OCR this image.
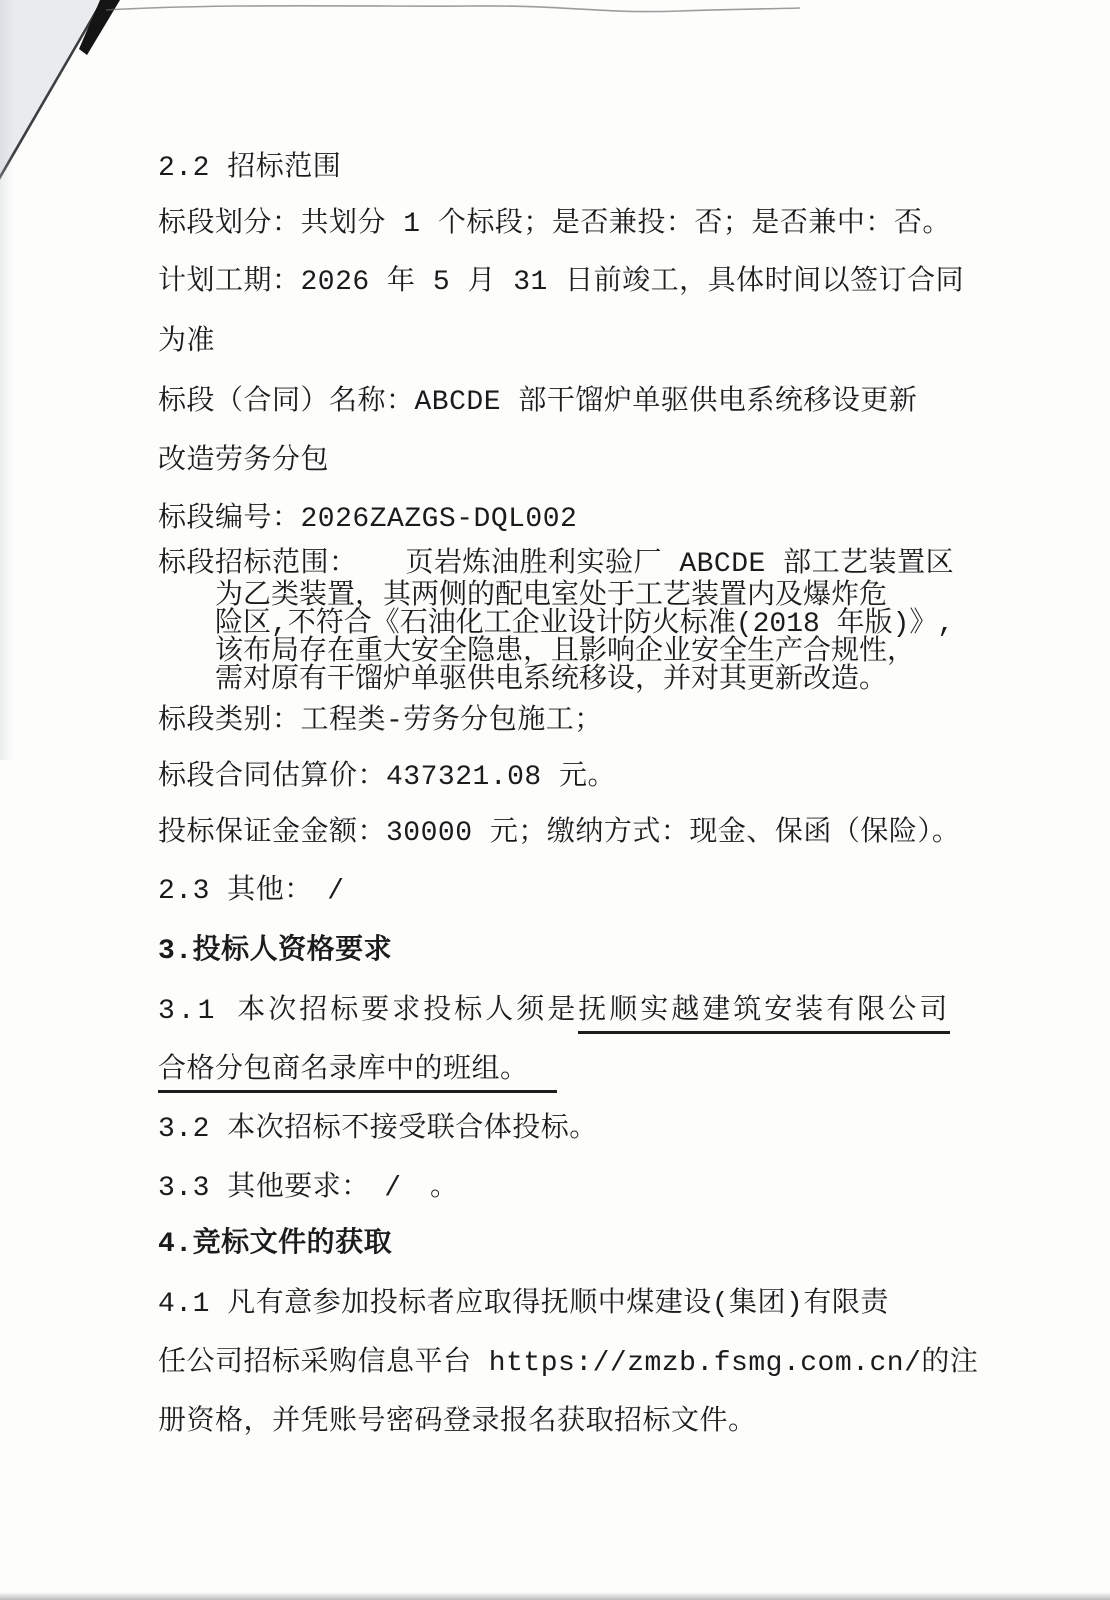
2.2 招标范围
标段划分：共划分 1 个标段；是否兼投：否；是否兼中：否。
计划工期：2026 年 5 月 31 日前竣工，具体时间以签订合同
为准
标段（合同）名称：ABCDE 部干馏炉单驱供电系统移设更新
改造劳务分包
标段编号：2026ZAZGS-DQL002
标段招标范围： 页岩炼油胜利实验厂 ABCDE 部工艺装置区
为乙类装置，其两侧的配电室处于工艺装置内及爆炸危
险区,不符合《石油化工企业设计防火标准(2018 年版)》,
该布局存在重大安全隐患，且影响企业安全生产合规性，
需对原有干馏炉单驱供电系统移设，并对其更新改造。
标段类别：工程类-劳务分包施工；
标段合同估算价：437321.08 元。
投标保证金金额：30000 元；缴纳方式：现金、保函（保险）。
2.3 其他：　/
3.投标人资格要求
3.1 本次招标要求投标人须是抚顺实越建筑安装有限公司
合格分包商名录库中的班组。
3.2 本次招标不接受联合体投标。
3.3 其他要求：　/　。
4.竞标文件的获取
4.1 凡有意参加投标者应取得抚顺中煤建设(集团)有限责
任公司招标采购信息平台 https://zmzb.fsmg.com.cn/的注
册资格，并凭账号密码登录报名获取招标文件。
